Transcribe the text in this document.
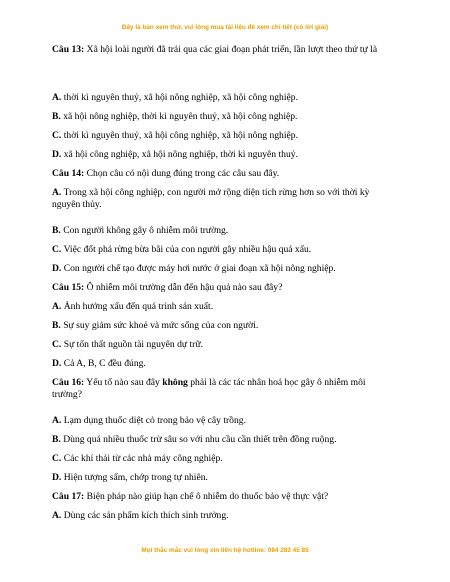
Đây là bản xem thử, vui lòng mua tài liệu để xem chi tiết (có lời giải)
Câu 13: Xã hội loài người đã trải qua các giai đoạn phát triển, lần lượt theo thứ tự là
A. thời kì nguyên thuỷ, xã hội nông nghiệp, xã hội công nghiệp.
B. xã hội nông nghiệp, thời kì nguyên thuỷ, xã hội công nghiệp.
C. thời kì nguyên thuỷ, xã hội công nghiệp, xã hội nông nghiệp.
D. xã hội công nghiệp, xã hội nông nghiệp, thời kì nguyên thuỷ.
Câu 14: Chọn câu có nội dung đúng trong các câu sau đây.
A. Trong xã hội công nghiệp, con người mở rộng diện tích rừng hơn so với thời kỳ nguyên thủy.
B. Con người không gây ô nhiễm môi trường.
C. Việc đốt phá rừng bừa bãi của con người gây nhiều hậu quả xấu.
D. Con người chế tạo được máy hơi nước ở giai đoạn xã hội nông nghiệp.
Câu 15: Ô nhiễm môi trường dẫn đến hậu quả nào sau đây?
A. Ảnh hưởng xấu đến quá trình sản xuất.
B. Sự suy giảm sức khoẻ và mức sống của con người.
C. Sự tổn thất nguồn tài nguyên dự trữ.
D. Cả A, B, C đều đúng.
Câu 16: Yếu tố nào sau đây không phải là các tác nhân hoá học gây ô nhiễm môi trường?
A. Lạm dụng thuốc diệt cỏ trong bảo vệ cây trồng.
B. Dùng quá nhiều thuốc trừ sâu so với nhu cầu cần thiết trên đồng ruộng.
C. Các khí thải từ các nhà máy công nghiệp.
D. Hiện tượng sấm, chớp trong tự nhiên.
Câu 17: Biện pháp nào giúp hạn chế ô nhiễm do thuốc bảo vệ thực vật?
A. Dùng các sản phẩm kích thích sinh trưởng.
Mọi thắc mắc vui lòng xin liên hệ hotline: 084 283 45 85
